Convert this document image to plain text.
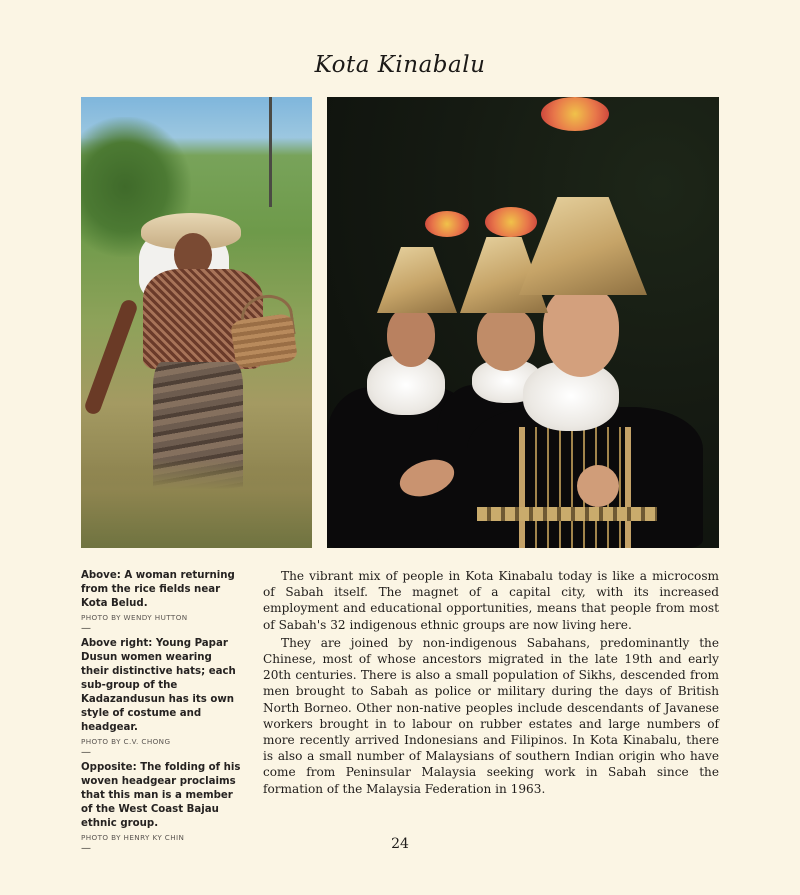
Kota Kinabalu
Above: A woman returning from the rice fields near Kota Belud.
PHOTO BY WENDY HUTTON
—
Above right: Young Papar Dusun women wearing their distinctive hats; each sub-group of the Kadazandusun has its own style of costume and headgear.
PHOTO BY C.V. CHONG
—
Opposite: The folding of his woven headgear proclaims that this man is a member of the West Coast Bajau ethnic group.
PHOTO BY HENRY KY CHIN
—

The vibrant mix of people in Kota Kinabalu today is like a microcosm of Sabah itself. The magnet of a capital city, with its increased employment and educational opportunities, means that people from most of Sabah's 32 indigenous ethnic groups are now living here.

They are joined by non-indigenous Sabahans, predominantly the Chinese, most of whose ancestors migrated in the late 19th and early 20th centuries. There is also a small population of Sikhs, descended from men brought to Sabah as police or military during the days of British North Borneo. Other non-native peoples include descendants of Javanese workers brought in to labour on rubber estates and large numbers of more recently arrived Indonesians and Filipinos. In Kota Kinabalu, there is also a small number of Malaysians of southern Indian origin who have come from Peninsular Malaysia seeking work in Sabah since the formation of the Malaysia Federation in 1963.

24
